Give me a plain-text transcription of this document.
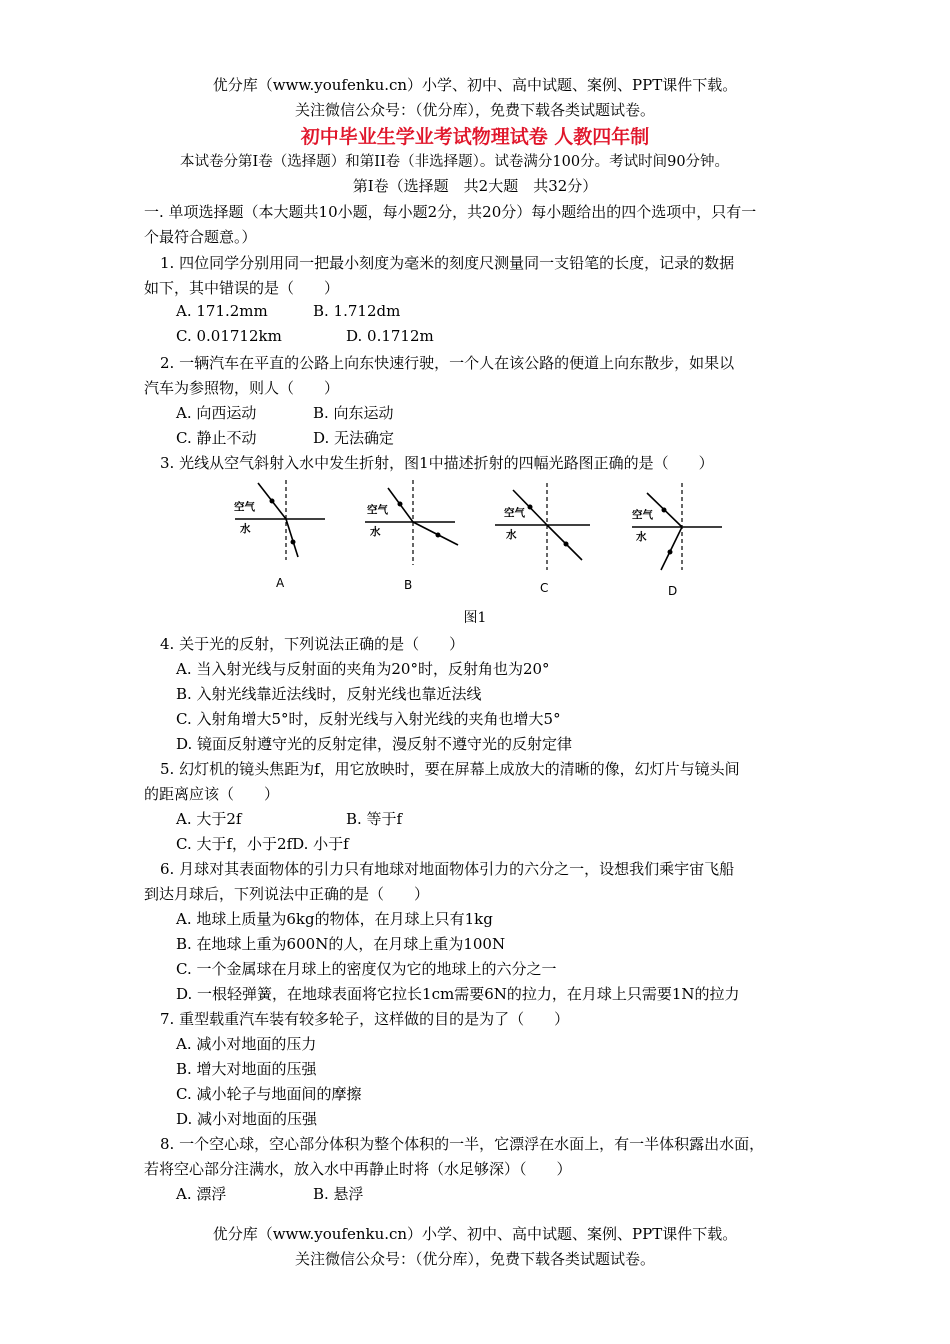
优分库（www.youfenku.cn）小学、初中、高中试题、案例、PPT课件下载。
关注微信公众号：（优分库），免费下载各类试题试卷。
初中毕业生学业考试物理试卷 人教四年制
本试卷分第Ⅰ卷（选择题）和第II卷（非选择题）。试卷满分100分。考试时间90分钟。
第Ⅰ卷（选择题　共2大题　共32分）
一. 单项选择题（本大题共10小题，每小题2分，共20分）每小题给出的四个选项中，只有一
个最符合题意。）
1. 四位同学分别用同一把最小刻度为毫米的刻度尺测量同一支铅笔的长度，记录的数据
如下，其中错误的是（　　）
A. 171.2mm	B. 1.712dm
C. 0.01712km	D. 0.1712m
2. 一辆汽车在平直的公路上向东快速行驶，一个人在该公路的便道上向东散步，如果以
汽车为参照物，则人（　　）
A. 向西运动	B. 向东运动
C. 静止不动	D. 无法确定
3. 光线从空气斜射入水中发生折射，图1中描述折射的四幅光路图正确的是（　　）
空气
水
空气
水
空气
水
空气
水
A	B	C	D
图1
4. 关于光的反射，下列说法正确的是（　　）
A. 当入射光线与反射面的夹角为20°时，反射角也为20°
B. 入射光线靠近法线时，反射光线也靠近法线
C. 入射角增大5°时，反射光线与入射光线的夹角也增大5°
D. 镜面反射遵守光的反射定律，漫反射不遵守光的反射定律
5. 幻灯机的镜头焦距为f，用它放映时，要在屏幕上成放大的清晰的像，幻灯片与镜头间
的距离应该（　　）
A. 大于2f	B. 等于f
C. 大于f，小于2fD. 小于f
6. 月球对其表面物体的引力只有地球对地面物体引力的六分之一，设想我们乘宇宙飞船
到达月球后，下列说法中正确的是（　　）
A. 地球上质量为6kg的物体，在月球上只有1kg
B. 在地球上重为600N的人，在月球上重为100N
C. 一个金属球在月球上的密度仅为它的地球上的六分之一
D. 一根轻弹簧，在地球表面将它拉长1cm需要6N的拉力，在月球上只需要1N的拉力
7. 重型载重汽车装有较多轮子，这样做的目的是为了（　　）
A. 减小对地面的压力
B. 增大对地面的压强
C. 减小轮子与地面间的摩擦
D. 减小对地面的压强
8. 一个空心球，空心部分体积为整个体积的一半，它漂浮在水面上，有一半体积露出水面，
若将空心部分注满水，放入水中再静止时将（水足够深）（　　）
A. 漂浮	B. 悬浮
优分库（www.youfenku.cn）小学、初中、高中试题、案例、PPT课件下载。
关注微信公众号：（优分库），免费下载各类试题试卷。
